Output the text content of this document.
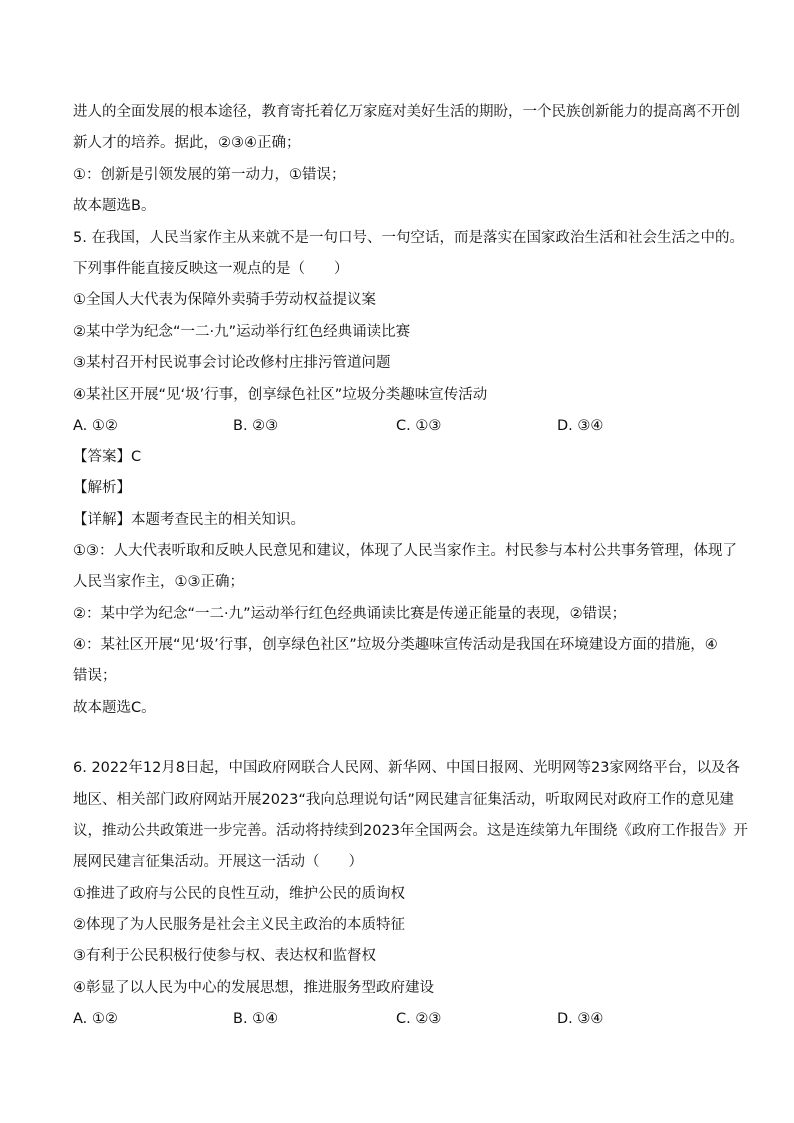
进人的全面发展的根本途径，教育寄托着亿万家庭对美好生活的期盼，一个民族创新能力的提高离不开创
新人才的培养。据此，②③④正确；
①：创新是引领发展的第一动力，①错误；
故本题选B。
5. 在我国，人民当家作主从来就不是一句口号、一句空话，而是落实在国家政治生活和社会生活之中的。
下列事件能直接反映这一观点的是（　　）
①全国人大代表为保障外卖骑手劳动权益提议案
②某中学为纪念“一二·九”运动举行红色经典诵读比赛
③某村召开村民说事会讨论改修村庄排污管道问题
④某社区开展“见‘圾’行事，创享绿色社区”垃圾分类趣味宣传活动
A. ①②	B. ②③	C. ①③	D. ③④
【答案】C
【解析】
【详解】本题考查民主的相关知识。
①③：人大代表听取和反映人民意见和建议，体现了人民当家作主。村民参与本村公共事务管理，体现了
人民当家作主，①③正确；
②：某中学为纪念“一二·九”运动举行红色经典诵读比赛是传递正能量的表现，②错误；
④：某社区开展“见‘圾’行事，创享绿色社区”垃圾分类趣味宣传活动是我国在环境建设方面的措施，④
错误；
故本题选C。
6. 2022年12月8日起，中国政府网联合人民网、新华网、中国日报网、光明网等23家网络平台，以及各
地区、相关部门政府网站开展2023“我向总理说句话”网民建言征集活动，听取网民对政府工作的意见建
议，推动公共政策进一步完善。活动将持续到2023年全国两会。这是连续第九年围绕《政府工作报告》开
展网民建言征集活动。开展这一活动（　　）
①推进了政府与公民的良性互动，维护公民的质询权
②体现了为人民服务是社会主义民主政治的本质特征
③有利于公民积极行使参与权、表达权和监督权
④彰显了以人民为中心的发展思想，推进服务型政府建设
A. ①②	B. ①④	C. ②③	D. ③④
